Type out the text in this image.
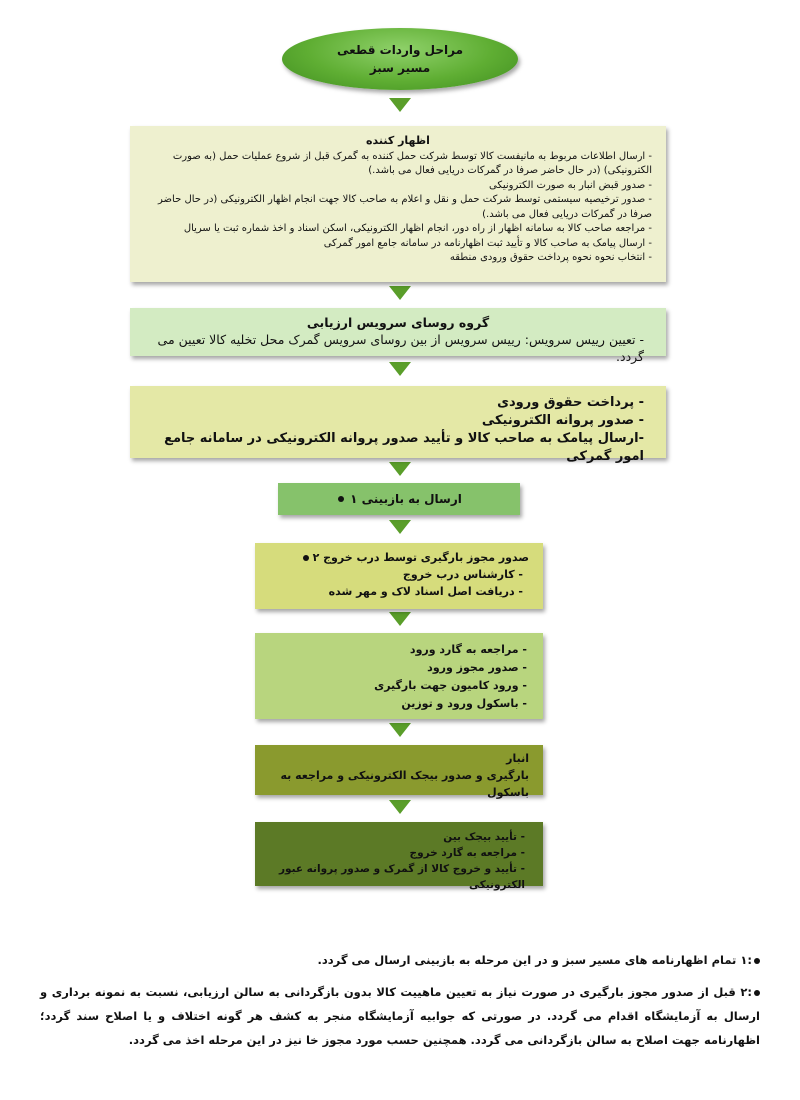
مراحل واردات قطعی
مسیر سبز
اظهار کننده
- ارسال اطلاعات مربوط به مانیفست کالا توسط شرکت حمل کننده به گمرک قبل از شروع عملیات حمل (به صورت الکترونیکی) (در حال حاضر صرفا در گمرکات دریایی فعال می باشد.)
- صدور قبض انبار به صورت الکترونیکی
- صدور ترخیصیه سیستمی توسط شرکت حمل و نقل و اعلام به صاحب کالا جهت انجام اظهار الکترونیکی (در حال حاضر صرفا در گمرکات دریایی فعال می باشد.)
- مراجعه صاحب کالا به سامانه اظهار از راه دور، انجام اظهار الکترونیکی، اسکن اسناد و اخذ شماره ثبت یا سریال
- ارسال پیامک به صاحب کالا و تأیید ثبت اظهارنامه در سامانه جامع امور گمرکی
- انتخاب نحوه نحوه پرداخت حقوق ورودی منطقه
گروه روسای سرویس ارزیابی
- تعیین رییس سرویس: رییس سرویس از بین روسای سرویس گمرک محل تخلیه کالا تعیین می گردد.
- پرداخت حقوق ورودی
- صدور پروانه الکترونیکی
-ارسال پیامک به صاحب کالا و تأیید صدور پروانه الکترونیکی در سامانه جامع امور گمرکی
ارسال به بازبینی ۱
صدور مجوز بارگیری توسط درب خروج ۲
- کارشناس درب خروج
- دریافت اصل اسناد لاک و مهر شده
- مراجعه به گارد ورود
- صدور مجوز ورود
- ورود کامیون جهت بارگیری
- باسکول ورود و توزین
انبار
بارگیری و صدور بیجک الکترونیکی و مراجعه به باسکول
- تأیید بیجک بین
- مراجعه به گارد خروج
- تأیید و خروج کالا از گمرک و صدور پروانه عبور الکترونیکی

:۱ تمام اظهارنامه های مسیر سبز و در این مرحله به بازبینی ارسال می گردد.

:۲ قبل از صدور مجوز بارگیری در صورت نیاز به تعیین ماهییت کالا بدون بازگردانی به سالن ارزیابی، نسبت به نمونه برداری و ارسال به آزمایشگاه اقدام می گردد. در صورتی که جوابیه آزمایشگاه منجر به کشف هر گونه اختلاف و یا اصلاح سند گردد؛ اظهارنامه جهت اصلاح به سالن بازگردانی می گردد. همچنین حسب مورد مجوز خا نیز در این مرحله اخذ می گردد.
